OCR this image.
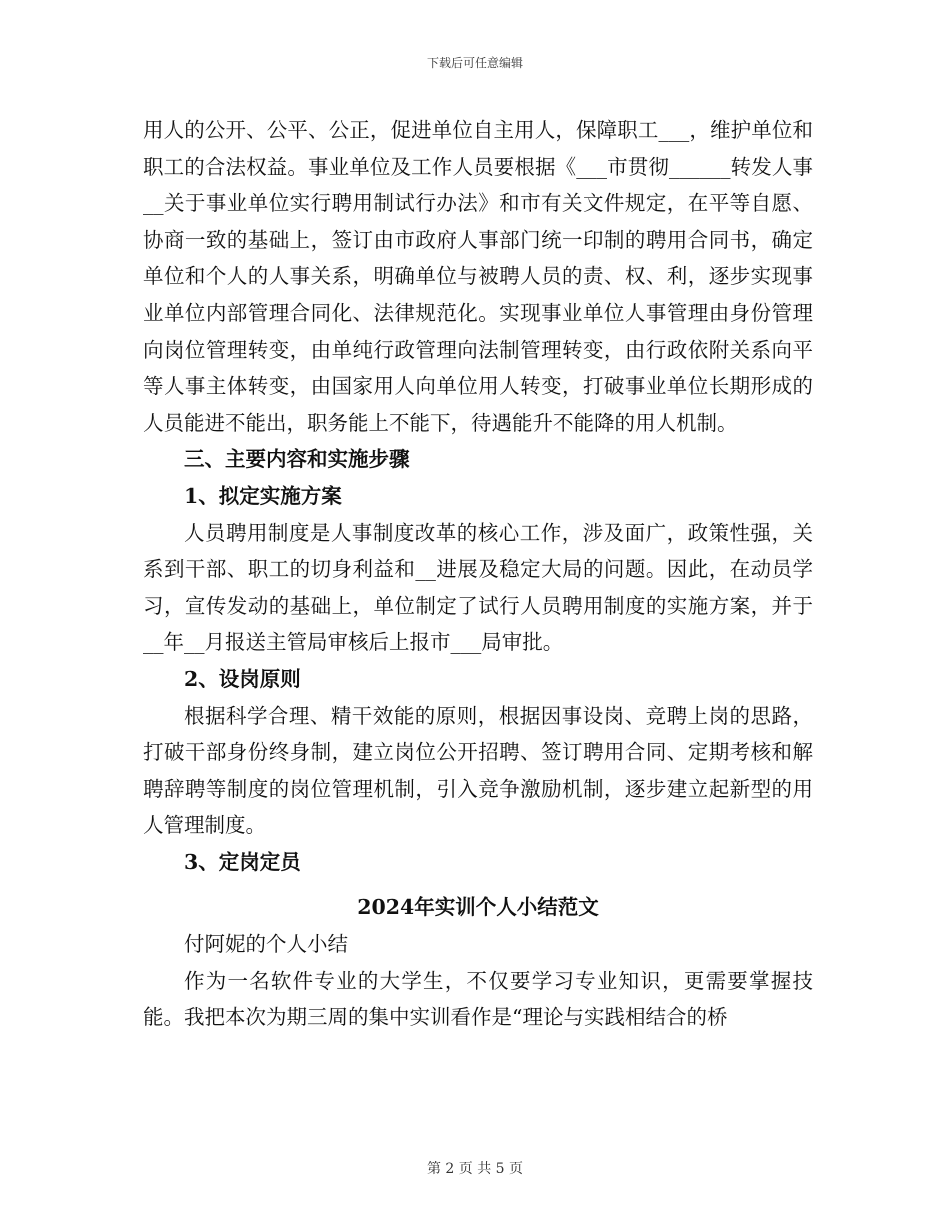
下载后可任意编辑

用人的公开、公平、公正，促进单位自主用人，保障职工___，维护单位和职工的合法权益。事业单位及工作人员要根据《___市贯彻______转发人事__关于事业单位实行聘用制试行办法》和市有关文件规定，在平等自愿、协商一致的基础上，签订由市政府人事部门统一印制的聘用合同书，确定单位和个人的人事关系，明确单位与被聘人员的责、权、利，逐步实现事业单位内部管理合同化、法律规范化。实现事业单位人事管理由身份管理向岗位管理转变，由单纯行政管理向法制管理转变，由行政依附关系向平等人事主体转变，由国家用人向单位用人转变，打破事业单位长期形成的人员能进不能出，职务能上不能下，待遇能升不能降的用人机制。

三、主要内容和实施步骤

1、拟定实施方案

人员聘用制度是人事制度改革的核心工作，涉及面广，政策性强，关系到干部、职工的切身利益和__进展及稳定大局的问题。因此，在动员学习，宣传发动的基础上，单位制定了试行人员聘用制度的实施方案，并于__年__月报送主管局审核后上报市___局审批。

2、设岗原则

根据科学合理、精干效能的原则，根据因事设岗、竞聘上岗的思路，打破干部身份终身制，建立岗位公开招聘、签订聘用合同、定期考核和解聘辞聘等制度的岗位管理机制，引入竞争激励机制，逐步建立起新型的用人管理制度。

3、定岗定员

2024年实训个人小结范文

付阿妮的个人小结

作为一名软件专业的大学生，不仅要学习专业知识，更需要掌握技能。我把本次为期三周的集中实训看作是“理论与实践相结合的桥

第 2 页 共 5 页
